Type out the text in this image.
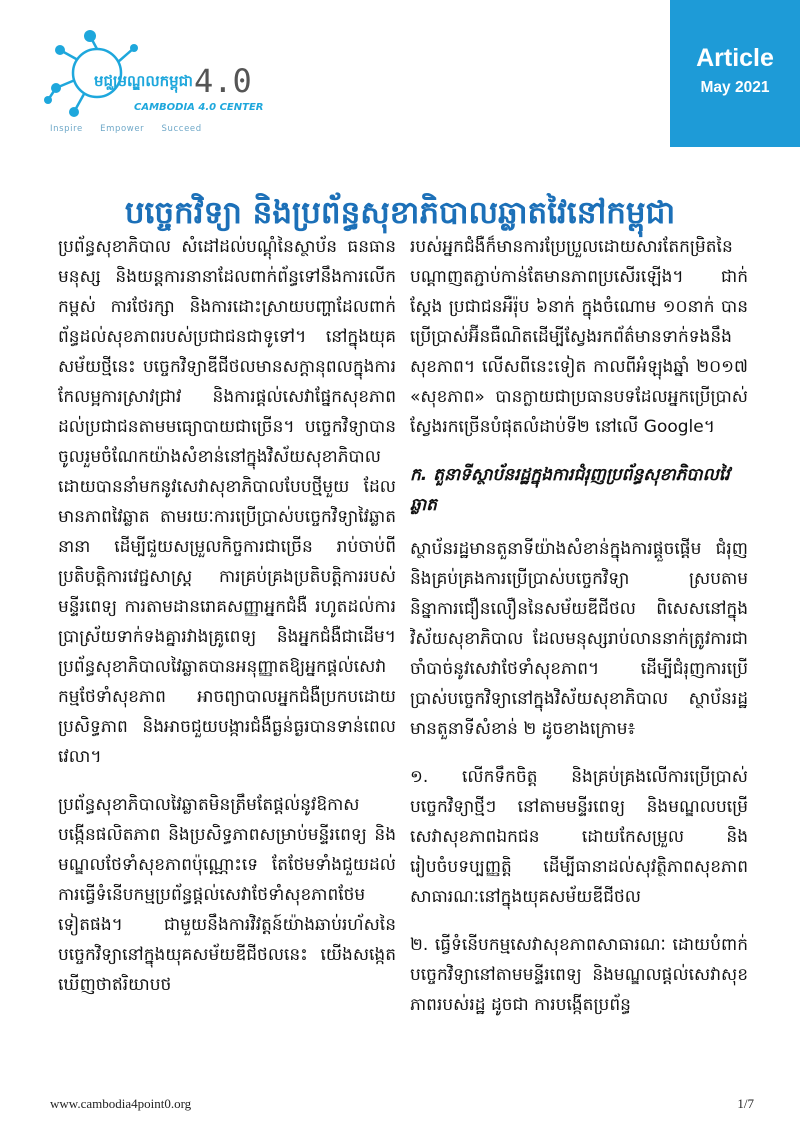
មជ្ឈមណ្ឌលកម្ពុជា 4.0
CAMBODIA 4.0 CENTER
Inspire Empower Succeed
Article
May 2021
បច្ចេកវិទ្យា និងប្រព័ន្ធសុខាភិបាលឆ្លាតវៃនៅកម្ពុជា

ប្រព័ន្ធសុខាភិបាល សំដៅដល់បណ្តុំនៃស្ថាប័ន ធនធានមនុស្ស និងយន្តការនានាដែលពាក់ព័ន្ធទៅនឹងការលើកកម្ពស់ ការថែរក្សា និងការដោះស្រាយបញ្ហាដែលពាក់ព័ន្ធដល់សុខភាពរបស់ប្រជាជនជាទូទៅ។ នៅក្នុងយុគសម័យថ្មីនេះ បច្ចេកវិទ្យាឌីជីថលមានសក្តានុពលក្នុងការកែលម្អការស្រាវជ្រាវ និងការផ្តល់សេវាផ្នែកសុខភាព ដល់ប្រជាជនតាមមធ្យោបាយជាច្រើន។ បច្ចេកវិទ្យាបានចូលរួមចំណែកយ៉ាងសំខាន់នៅក្នុងវិស័យសុខាភិបាល ដោយបាននាំមកនូវសេវាសុខាភិបាលបែបថ្មីមួយ ដែលមានភាពវៃឆ្លាត តាមរយៈការប្រើប្រាស់បច្ចេកវិទ្យាវៃឆ្លាតនានា ដើម្បីជួយសម្រួលកិច្ចការជាច្រើន រាប់ចាប់ពីប្រតិបត្តិការវេជ្ជសាស្ត្រ ការគ្រប់គ្រងប្រតិបត្តិការរបស់មន្ទីរពេទ្យ ការតាមដានរោគសញ្ញាអ្នកជំងឺ រហូតដល់ការប្រាស្រ័យទាក់ទងគ្នារវាងគ្រូពេទ្យ និងអ្នកជំងឺជាដើម។ ប្រព័ន្ធសុខាភិបាលវៃឆ្លាតបានអនុញ្ញាតឱ្យអ្នកផ្តល់សេវាកម្មថែទាំសុខភាព អាចព្យាបាលអ្នកជំងឺប្រកបដោយប្រសិទ្ធភាព និងអាចជួយបង្ការជំងឺធ្ងន់ធ្ងរបានទាន់ពេលវេលា។

ប្រព័ន្ធសុខាភិបាលវៃឆ្លាតមិនត្រឹមតែផ្តល់នូវឱកាសបង្កើនផលិតភាព និងប្រសិទ្ធភាពសម្រាប់មន្ទីរពេទ្យ និងមណ្ឌលថែទាំសុខភាពប៉ុណ្ណោះទេ តែថែមទាំងជួយដល់ការធ្វើទំនើបកម្មប្រព័ន្ធផ្តល់សេវាថែទាំសុខភាពថែមទៀតផង។ ជាមួយនឹងការវិវត្តន៍យ៉ាងឆាប់រហ័សនៃបច្ចេកវិទ្យានៅក្នុងយុគសម័យឌីជីថលនេះ យើងសង្កេតឃើញថាឥរិយាបថ

របស់អ្នកជំងឺក៏មានការប្រែប្រួលដោយសារតែកម្រិតនៃបណ្តាញតភ្ជាប់កាន់តែមានភាពប្រសើរឡើង។ ជាក់ស្តែង ប្រជាជនអឺរ៉ុប ៦នាក់ ក្នុងចំណោម ១០នាក់ បានប្រើប្រាស់អ៊ីនធឺណិតដើម្បីស្វែងរកព័ត៌មានទាក់ទងនឹងសុខភាព។ លើសពីនេះទៀត កាលពីអំឡុងឆ្នាំ ២០១៧ «សុខភាព» បានក្លាយជាប្រធានបទដែលអ្នកប្រើប្រាស់ស្វែងរកច្រើនបំផុតលំដាប់ទី២ នៅលើ Google។

ក. តួនាទីស្ថាប័នរដ្ឋក្នុងការជំរុញប្រព័ន្ធសុខាភិបាលវៃឆ្លាត

ស្ថាប័នរដ្ឋមានតួនាទីយ៉ាងសំខាន់ក្នុងការផ្តួចផ្តើម ជំរុញ និងគ្រប់គ្រងការប្រើប្រាស់បច្ចេកវិទ្យា ស្របតាមនិន្នាការជឿនលឿននៃសម័យឌីជីថល ពិសេសនៅក្នុងវិស័យសុខាភិបាល ដែលមនុស្សរាប់លាននាក់ត្រូវការជាចាំបាច់នូវសេវាថែទាំសុខភាព។ ដើម្បីជំរុញការប្រើប្រាស់បច្ចេកវិទ្យានៅក្នុងវិស័យសុខាភិបាល ស្ថាប័នរដ្ឋមានតួនាទីសំខាន់ ២ ដូចខាងក្រោម៖

១. លើកទឹកចិត្ត និងគ្រប់គ្រងលើការប្រើប្រាស់បច្ចេកវិទ្យាថ្មីៗ នៅតាមមន្ទីរពេទ្យ និងមណ្ឌលបម្រើសេវាសុខភាពឯកជន ដោយកែសម្រួល និងរៀបចំបទប្បញ្ញត្តិ ដើម្បីធានាដល់សុវត្ថិភាពសុខភាពសាធារណៈនៅក្នុងយុគសម័យឌីជីថល

២. ធ្វើទំនើបកម្មសេវាសុខភាពសាធារណៈ ដោយបំពាក់បច្ចេកវិទ្យានៅតាមមន្ទីរពេទ្យ និងមណ្ឌលផ្តល់សេវាសុខភាពរបស់រដ្ឋ ដូចជា ការបង្កើតប្រព័ន្ធ

www.cambodia4point0.org	1/7
